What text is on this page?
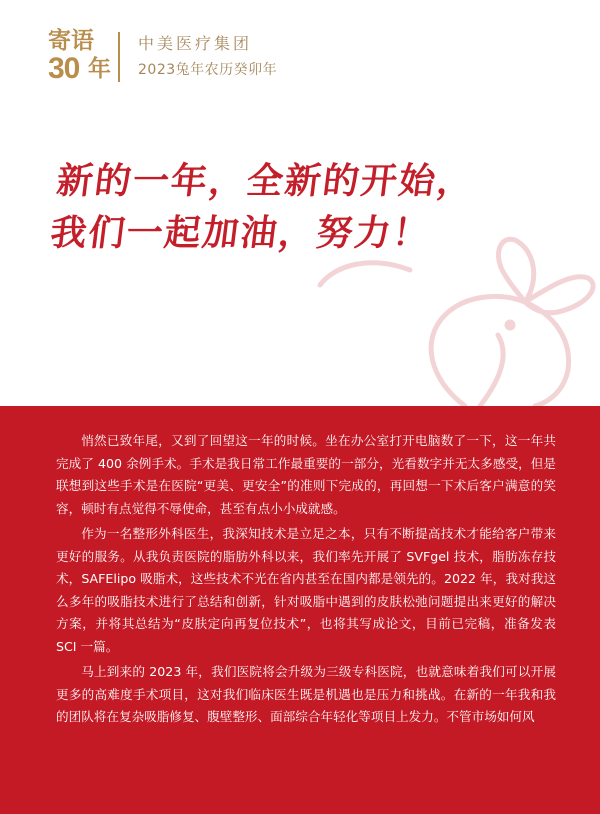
寄语
30 年
中美医疗集团
2023兔年农历癸卯年
新的一年，全新的开始，
我们一起加油，努力！

悄然已致年尾，又到了回望这一年的时候。坐在办公室打开电脑数了一下，这一年共完成了 400 余例手术。手术是我日常工作最重要的一部分，光看数字并无太多感受，但是联想到这些手术是在医院“更美、更安全”的准则下完成的，再回想一下术后客户满意的笑容，顿时有点觉得不辱使命，甚至有点小小成就感。

作为一名整形外科医生，我深知技术是立足之本，只有不断提高技术才能给客户带来更好的服务。从我负责医院的脂肪外科以来，我们率先开展了 SVFgel 技术，脂肪冻存技术，SAFElipo 吸脂术，这些技术不光在省内甚至在国内都是领先的。2022 年，我对我这么多年的吸脂技术进行了总结和创新，针对吸脂中遇到的皮肤松弛问题提出来更好的解决方案，并将其总结为“皮肤定向再复位技术”，也将其写成论文，目前已完稿，准备发表 SCI 一篇。

马上到来的 2023 年，我们医院将会升级为三级专科医院，也就意味着我们可以开展更多的高难度手术项目，这对我们临床医生既是机遇也是压力和挑战。在新的一年我和我的团队将在复杂吸脂修复、腹壁整形、面部综合年轻化等项目上发力。不管市场如何风
